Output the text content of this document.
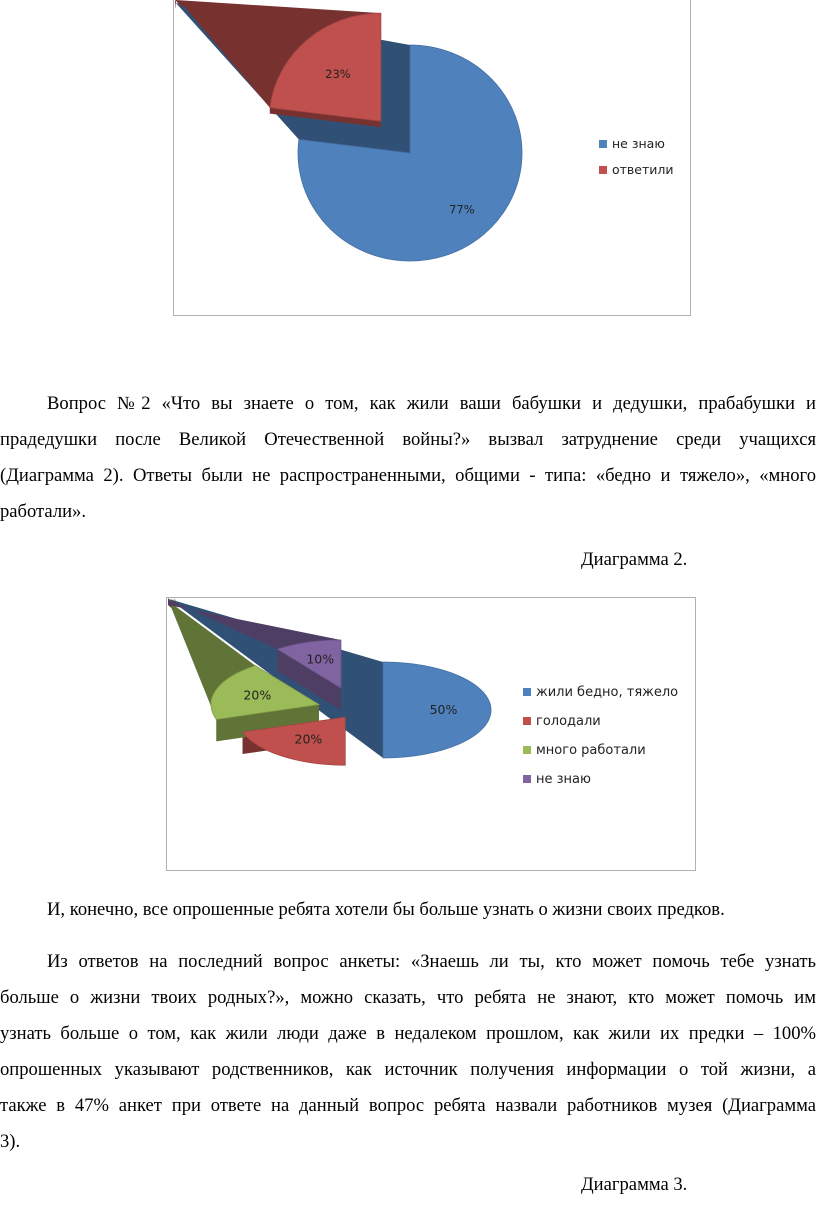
77%
23%
не знаю
ответили
Вопрос №2 «Что вы знаете о том, как жили ваши бабушки и дедушки, прабабушки и
прадедушки после Великой Отечественной войны?» вызвал затруднение среди учащихся
(Диаграмма 2). Ответы были не распространенными, общими - типа: «бедно и тяжело», «много
работали».
Диаграмма 2.
50%
20%
20%
10%
жили бедно, тяжело
голодали
много работали
не знаю
И, конечно, все опрошенные ребята хотели бы больше узнать о жизни своих предков.
Из ответов на последний вопрос анкеты: «Знаешь ли ты, кто может помочь тебе узнать
больше о жизни твоих родных?», можно сказать, что ребята не знают, кто может помочь им
узнать больше о том, как жили люди даже в недалеком прошлом, как жили их предки – 100%
опрошенных указывают родственников, как источник получения информации о той жизни, а
также в 47% анкет при ответе на данный вопрос ребята назвали работников музея (Диаграмма
3).
Диаграмма 3.
